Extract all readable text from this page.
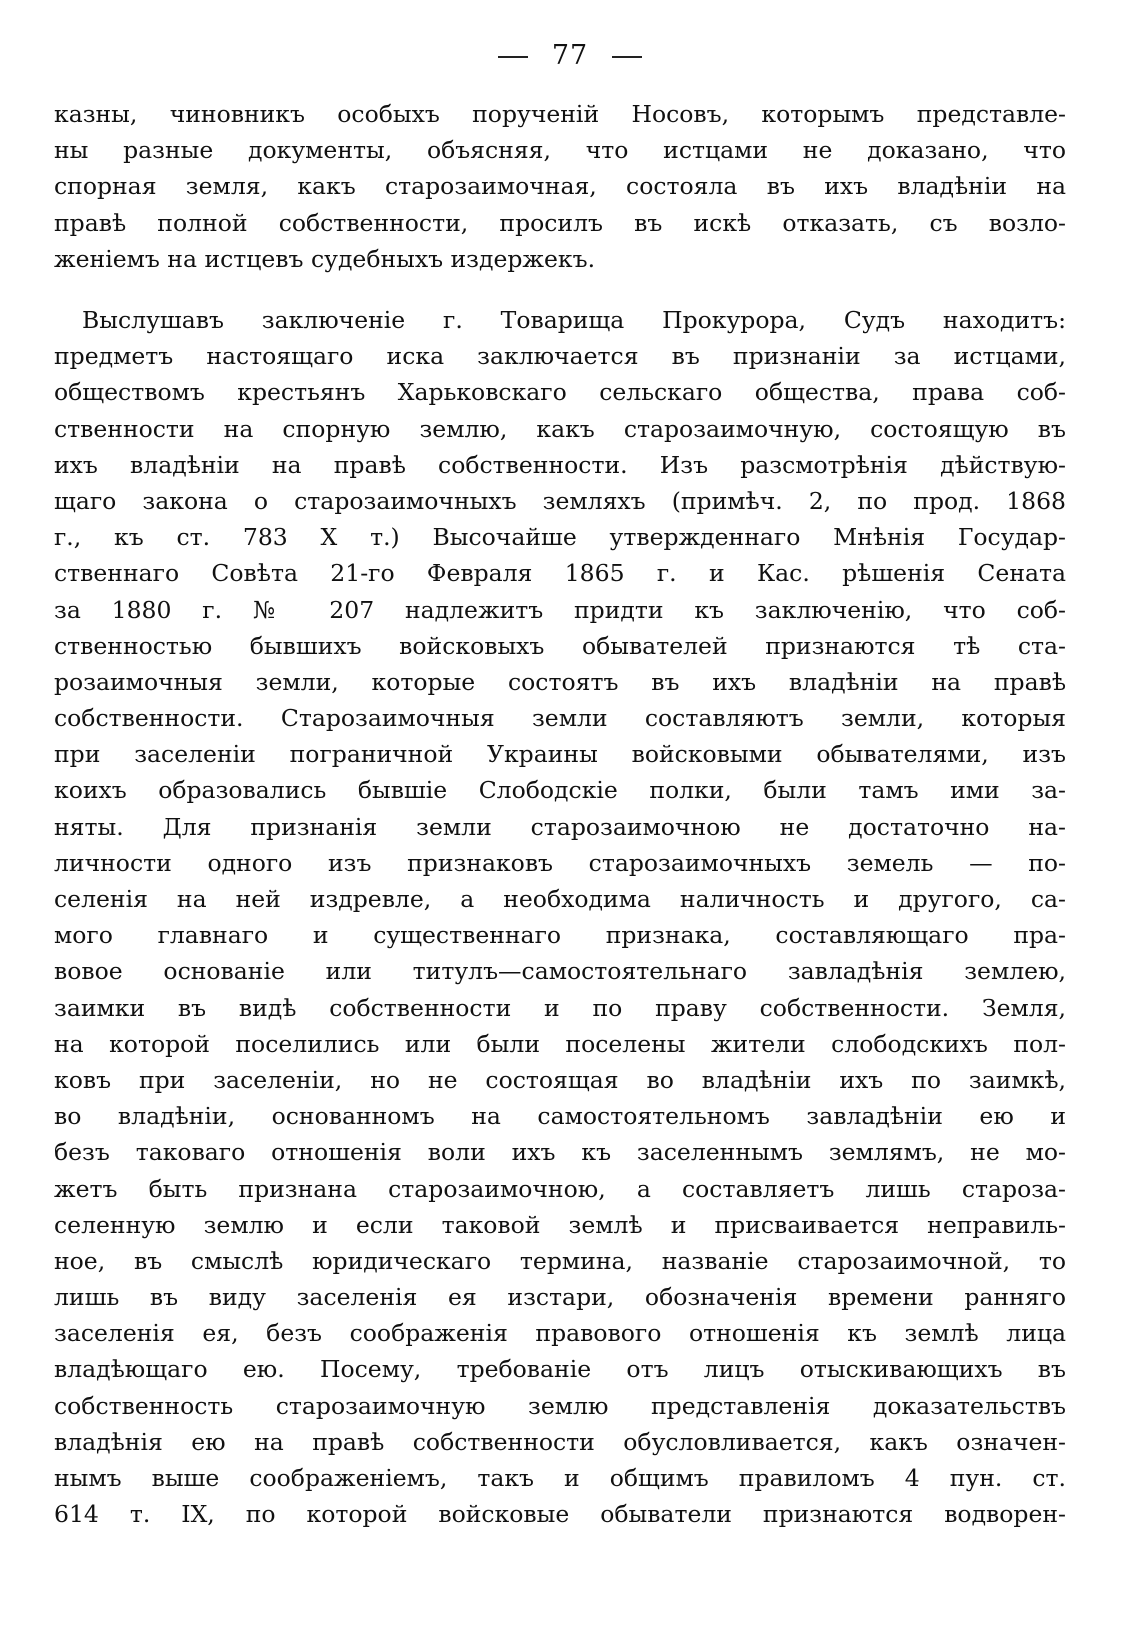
77
казны, чиновникъ особыхъ порученій Носовъ, которымъ представле-
ны разные документы, объясняя, что истцами не доказано, что
спорная земля, какъ старозаимочная, состояла въ ихъ владѣніи на
правѣ полной собственности, просилъ въ искѣ отказать, съ возло-
женіемъ на истцевъ судебныхъ издержекъ.
Выслушавъ заключеніе г. Товарища Прокурора, Судъ находитъ:
предметъ настоящаго иска заключается въ признаніи за истцами,
обществомъ крестьянъ Харьковскаго сельскаго общества, права соб-
ственности на спорную землю, какъ старозаимочную, состоящую въ
ихъ владѣніи на правѣ собственности. Изъ разсмотрѣнія дѣйствую-
щаго закона о старозаимочныхъ земляхъ (примѣч. 2, по прод. 1868
г., къ ст. 783 X т.) Высочайше утвержденнаго Мнѣнія Государ-
ственнаго Совѣта 21-го Февраля 1865 г. и Кас. рѣшенія Сената
за 1880 г. № 207 надлежитъ придти къ заключенію, что соб-
ственностью бывшихъ войсковыхъ обывателей признаются тѣ ста-
розаимочныя земли, которые состоятъ въ ихъ владѣніи на правѣ
собственности. Старозаимочныя земли составляютъ земли, которыя
при заселеніи пограничной Украины войсковыми обывателями, изъ
коихъ образовались бывшіе Слободскіе полки, были тамъ ими за-
няты. Для признанія земли старозаимочною не достаточно на-
личности одного изъ признаковъ старозаимочныхъ земель — по-
селенія на ней издревле, а необходима наличность и другого, са-
мого главнаго и существеннаго признака, составляющаго пра-
вовое основаніе или титулъ—самостоятельнаго завладѣнія землею,
заимки въ видѣ собственности и по праву собственности. Земля,
на которой поселились или были поселены жители слободскихъ пол-
ковъ при заселеніи, но не состоящая во владѣніи ихъ по заимкѣ,
во владѣніи, основанномъ на самостоятельномъ завладѣніи ею и
безъ таковаго отношенія воли ихъ къ заселеннымъ землямъ, не мо-
жетъ быть признана старозаимочною, а составляетъ лишь староза-
селенную землю и если таковой землѣ и присваивается неправиль-
ное, въ смыслѣ юридическаго термина, названіе старозаимочной, то
лишь въ виду заселенія ея изстари, обозначенія времени ранняго
заселенія ея, безъ соображенія правового отношенія къ землѣ лица
владѣющаго ею. Посему, требованіе отъ лицъ отыскивающихъ въ
собственность старозаимочную землю представленія доказательствъ
владѣнія ею на правѣ собственности обусловливается, какъ означен-
нымъ выше соображеніемъ, такъ и общимъ правиломъ 4 пун. ст.
614 т. IX, по которой войсковые обыватели признаются водворен-
